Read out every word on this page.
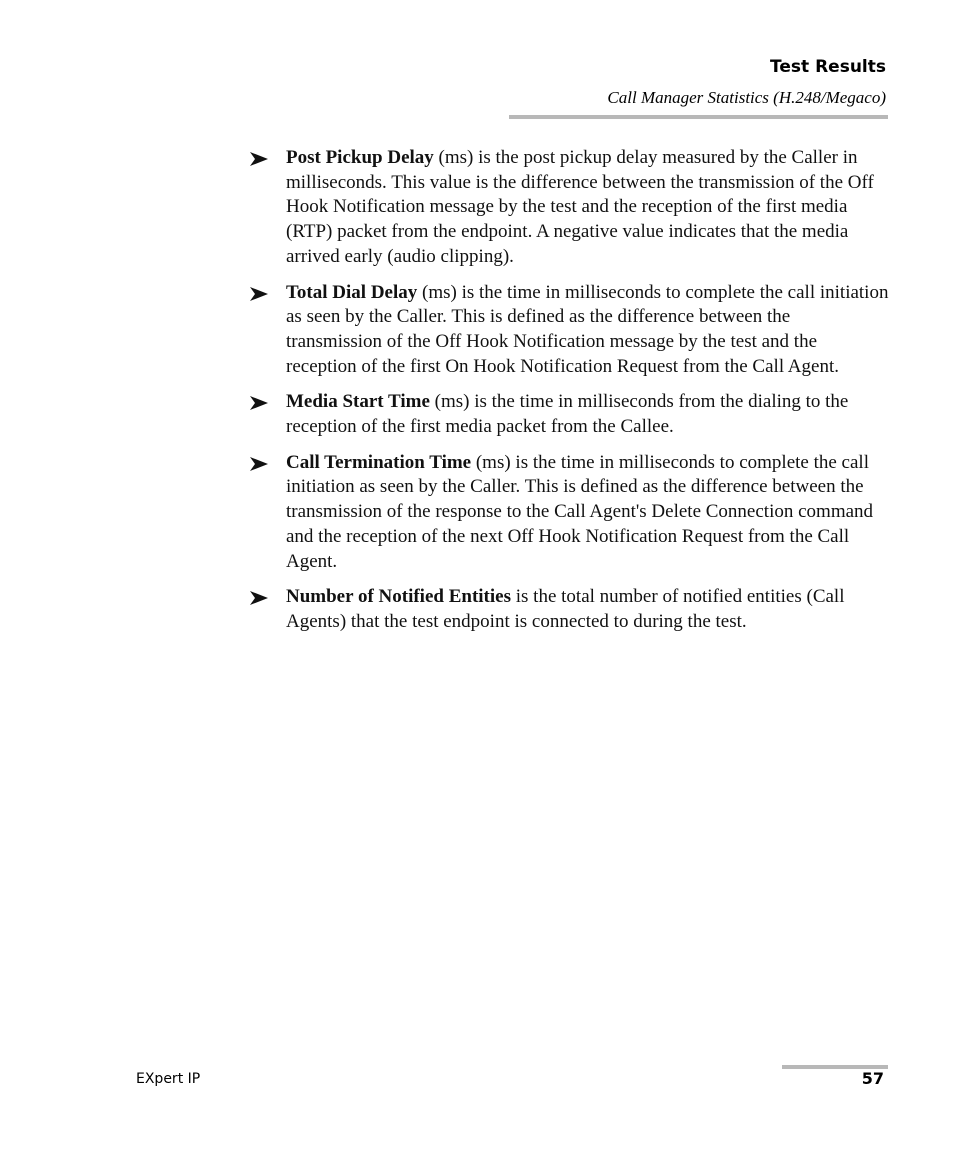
Test Results
Call Manager Statistics (H.248/Megaco)
Post Pickup Delay (ms) is the post pickup delay measured by the Caller in milliseconds. This value is the difference between the transmission of the Off Hook Notification message by the test and the reception of the first media (RTP) packet from the endpoint. A negative value indicates that the media arrived early (audio clipping).
Total Dial Delay (ms) is the time in milliseconds to complete the call initiation as seen by the Caller. This is defined as the difference between the transmission of the Off Hook Notification message by the test and the reception of the first On Hook Notification Request from the Call Agent.
Media Start Time (ms) is the time in milliseconds from the dialing to the reception of the first media packet from the Callee.
Call Termination Time (ms) is the time in milliseconds to complete the call initiation as seen by the Caller. This is defined as the difference between the transmission of the response to the Call Agent's Delete Connection command and the reception of the next Off Hook Notification Request from the Call Agent.
Number of Notified Entities is the total number of notified entities (Call Agents) that the test endpoint is connected to during the test.
EXpert IP	57
